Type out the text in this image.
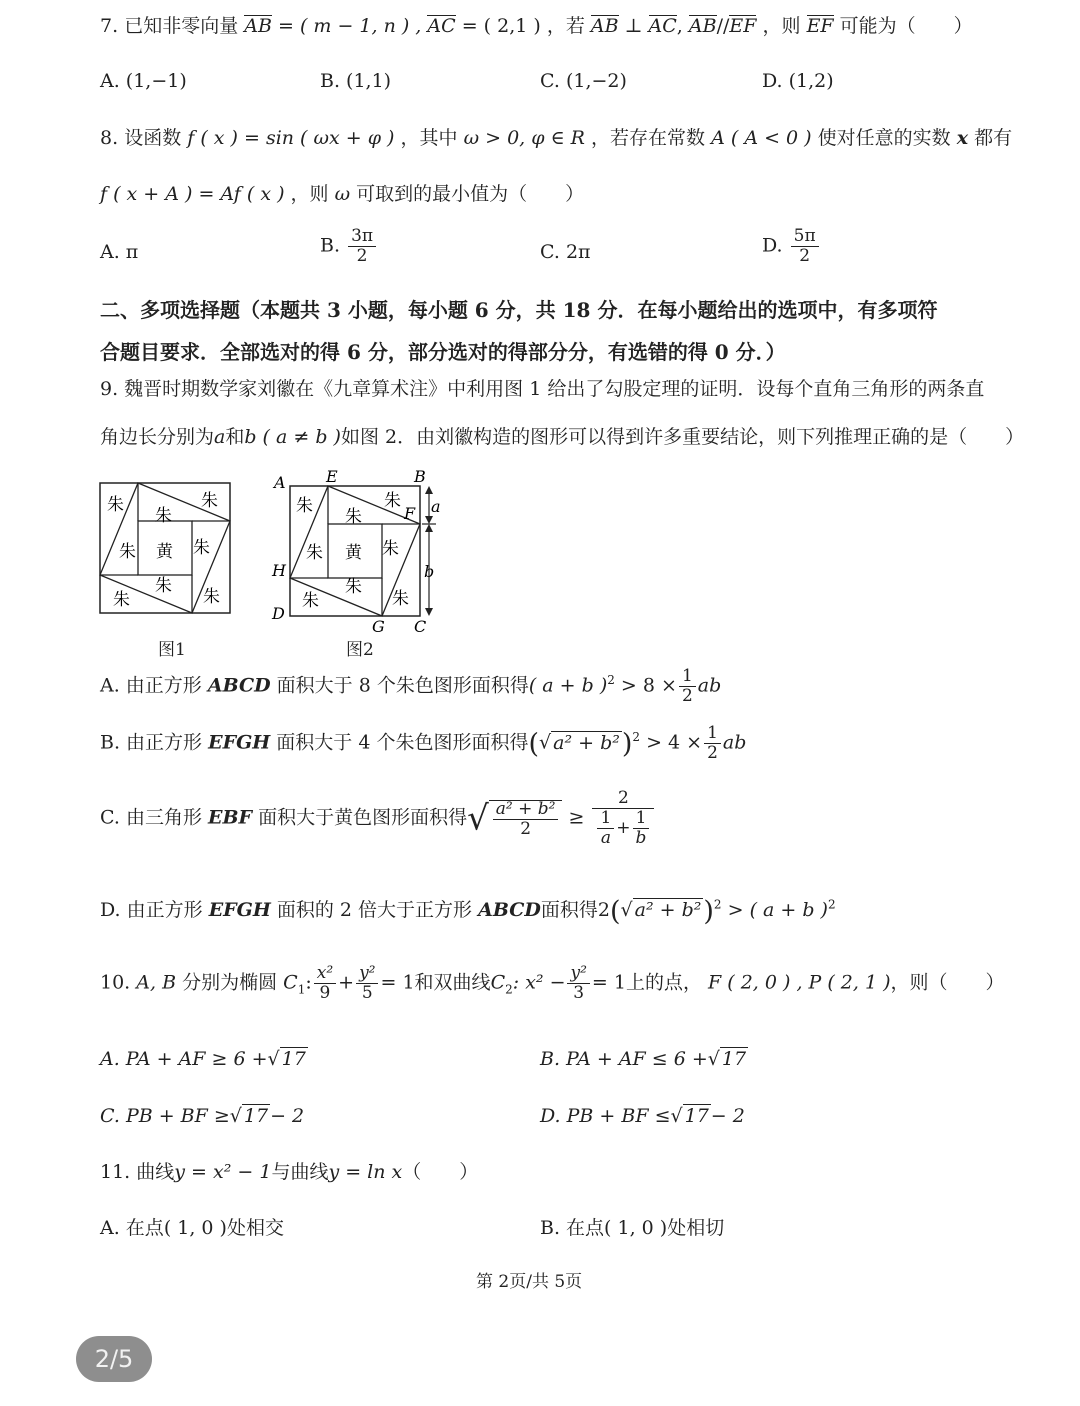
7. 已知非零向量 AB = ( m − 1, n ) , AC = ( 2,1 ) ，若 AB ⊥ AC, AB//EF ，则 EF 可能为（　　）
A. (1,−1)	B. (1,1)	C. (1,−2)	D. (1,2)
8. 设函数 f ( x ) = sin ( ωx + φ ) ，其中 ω > 0, φ ∈ R ，若存在常数 A ( A < 0 ) 使对任意的实数 x 都有
f ( x + A ) = Af ( x ) ，则 ω 可取到的最小值为（　　）
A. π	B. $\frac{3\pi}{2}$	C. 2π	D. $\frac{5\pi}{2}$
二、多项选择题（本题共 3 小题，每小题 6 分，共 18 分．在每小题给出的选项中，有多项符
合题目要求．全部选对的得 6 分，部分选对的得部分分，有选错的得 0 分．）
9. 魏晋时期数学家刘徽在《九章算术注》中利用图 1 给出了勾股定理的证明．设每个直角三角形的两条直
角边长分别为a和b ( a ≠ b )如图 2．由刘徽构造的图形可以得到许多重要结论，则下列推理正确的是（　　）
朱	朱
朱
朱 黄 朱
朱
朱	朱
图1
a
b
A	E	B
F
H
D
G C
朱	朱
朱
朱 黄 朱
朱
朱	朱
图2
A. 由正方形 ABCD 面积大于 8 个朱色图形面积得( a + b )$^2 > 8 \times \frac{1}{2}$ ab
B. 由正方形 EFGH 面积大于 4 个朱色图形面积得(√ $a^2 + b^2)^2 > 4 \times \frac{1}{2}$ ab
C. 由三角形 EBF 面积大于黄色图形面积得√ $\frac{\text{a² + b²}}{2} \ge \frac{2}{\frac{1}{a} + \frac{1}{b}}$
D. 由正方形 EFGH 面积的 2 倍大于正方形 ABCD面积得2(√ a² + b²)$^2$ > ( a + b )$^2$
10. A, B 分别为椭圆 $C_1$: $\frac{\text{x²}}{9} + \frac{\text{y²}}{5} = 1$和双曲线$C_2$: $x^2 - \frac{\text{y²}}{3} = 1$上的点， F ( 2, 0 ) , P ( 2, 1 )，则（　　）
A. PA + AF ≥ 6 +√ 17	B. PA + AF ≤ 6 +√ 17
C. PB + BF ≥√ 17 − 2	D. PB + BF ≤√ 17 − 2
11. 曲线y = x² − 1与曲线y = ln x（　　）
A. 在点( 1, 0 )处相交	B. 在点( 1, 0 )处相切
第 2页/共 5页
2/5
